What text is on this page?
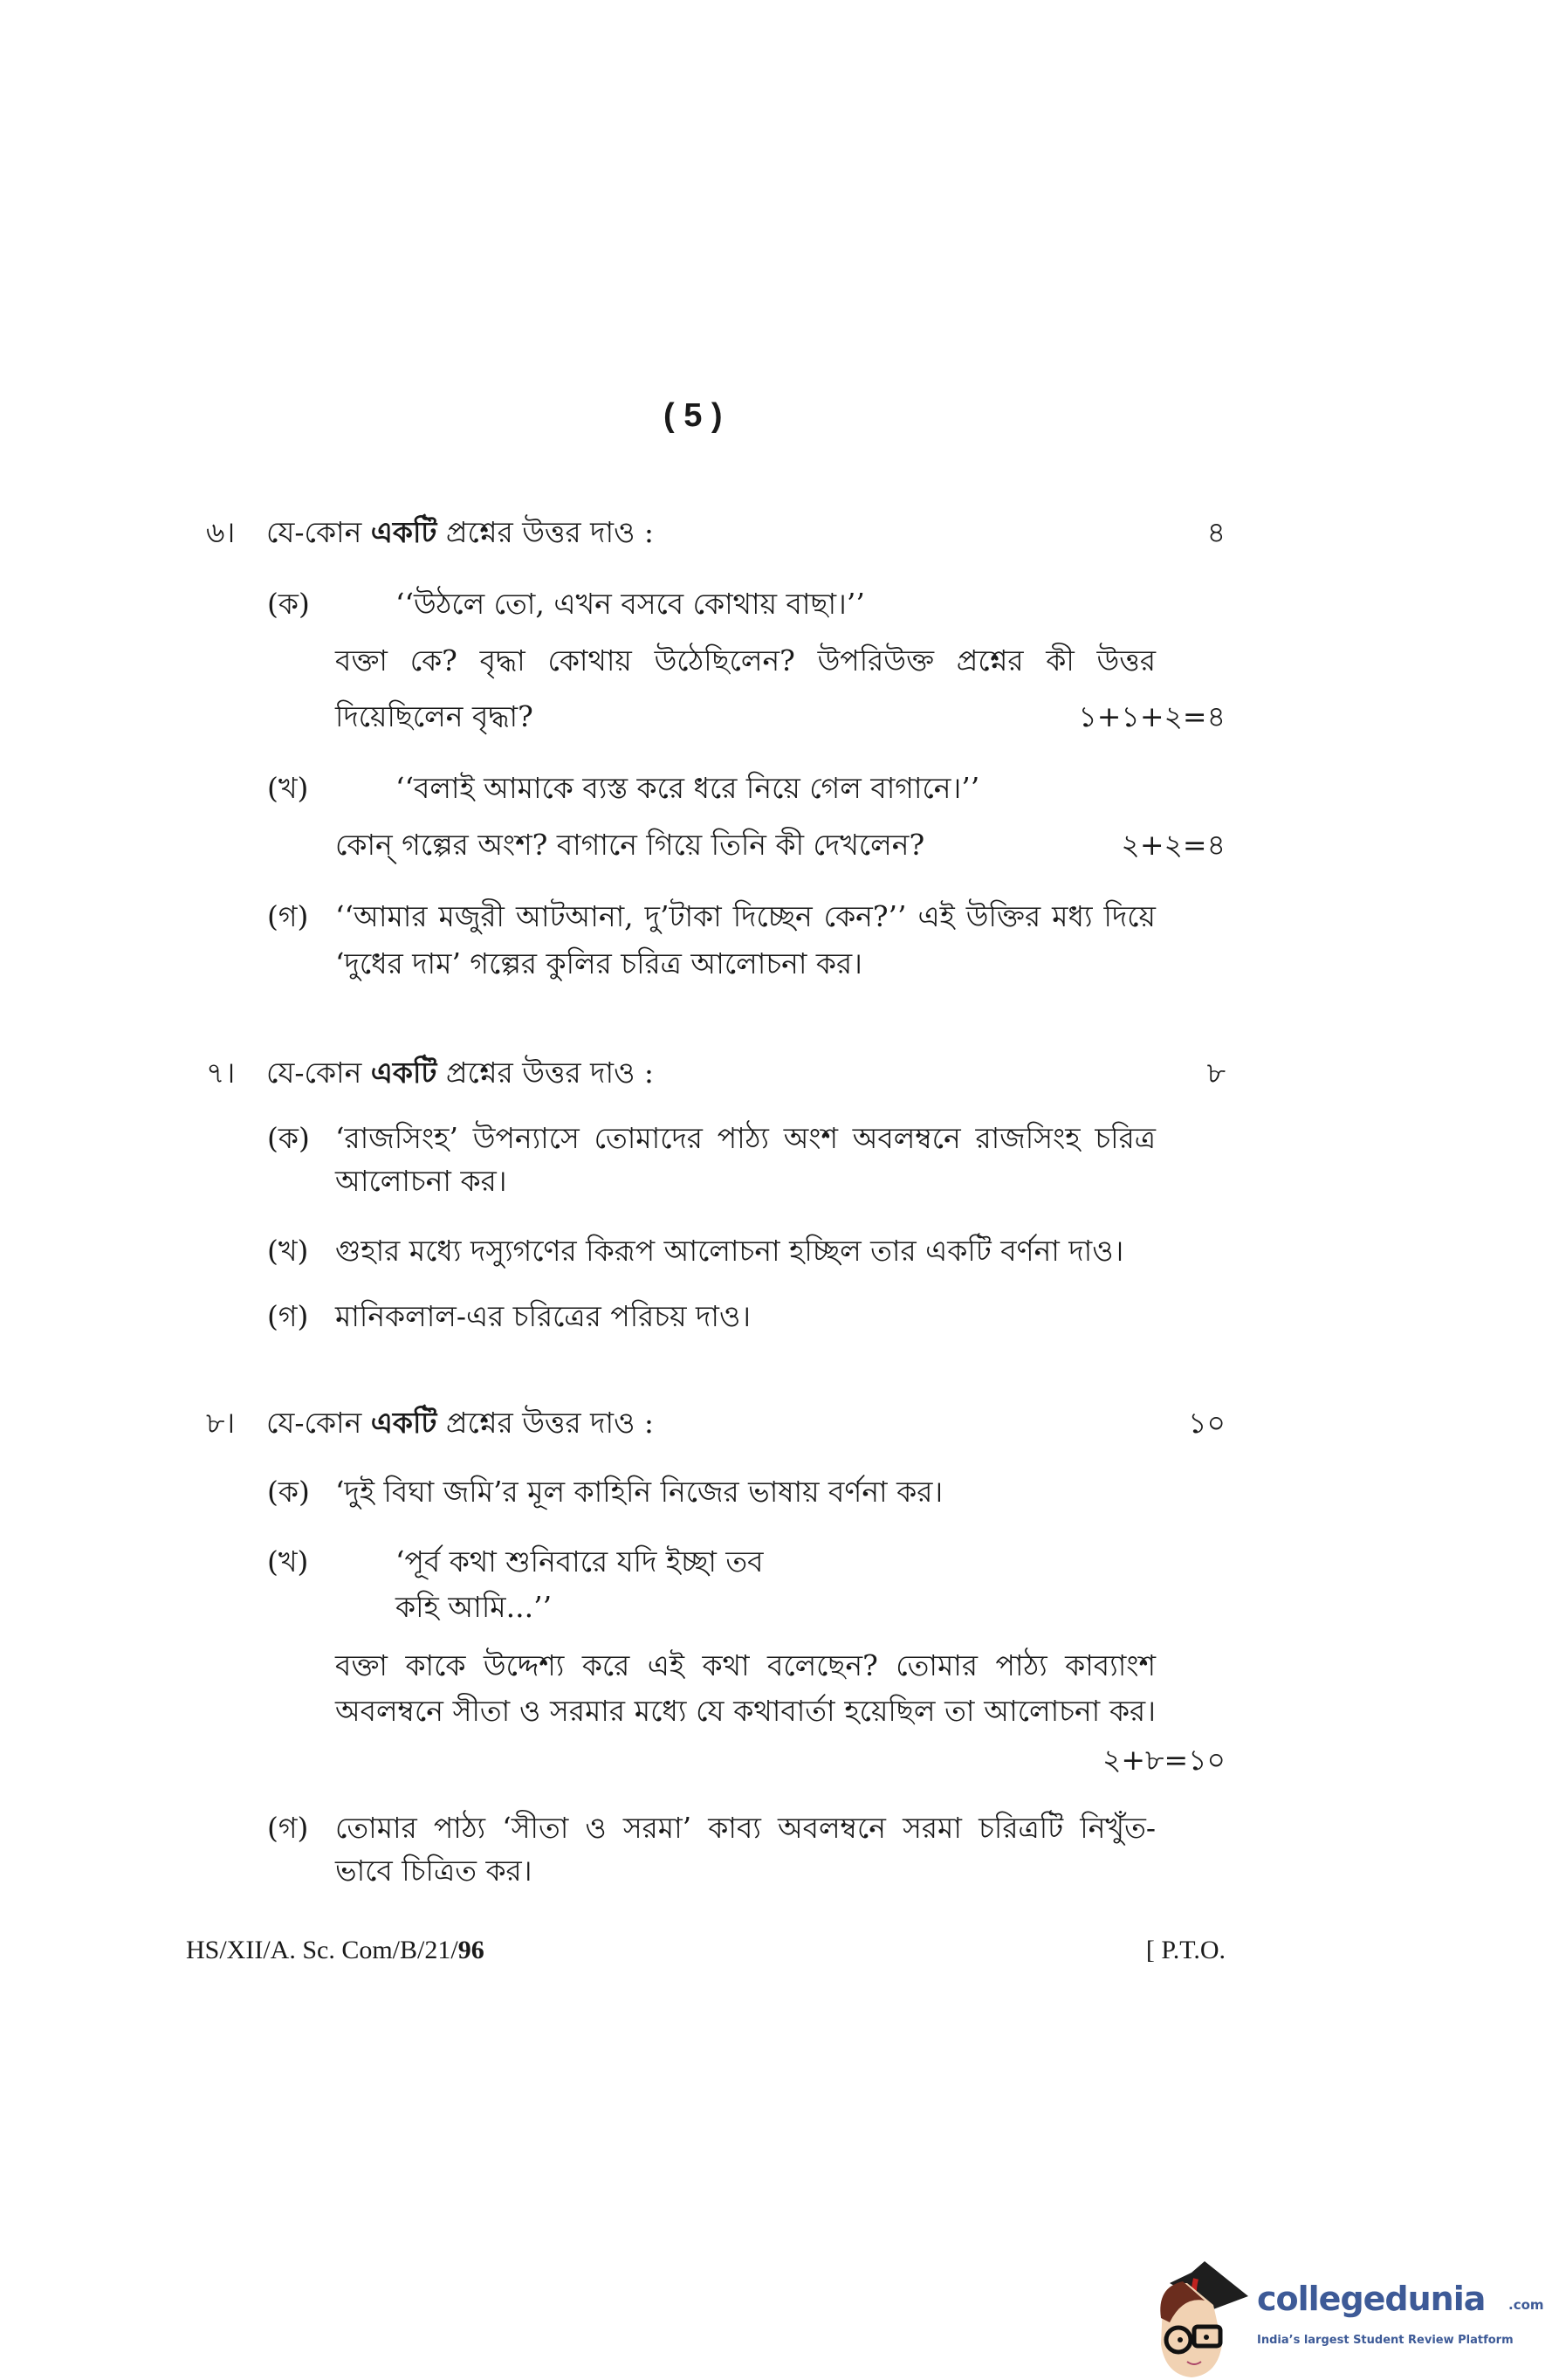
( 5 )
৬। যে-কোন একটি প্রশ্নের উত্তর দাও :	৪
(ক)	‘‘উঠলে তো, এখন বসবে কোথায় বাছা।’’
বক্তা কে? বৃদ্ধা কোথায় উঠেছিলেন? উপরিউক্ত প্রশ্নের কী উত্তর
দিয়েছিলেন বৃদ্ধা?	১+১+২=৪
(খ)	‘‘বলাই আমাকে ব্যস্ত করে ধরে নিয়ে গেল বাগানে।’’
কোন্ গল্পের অংশ? বাগানে গিয়ে তিনি কী দেখলেন?	২+২=৪
(গ) ‘‘আমার মজুরী আটআনা, দু’টাকা দিচ্ছেন কেন?’’ এই উক্তির মধ্য দিয়ে
‘দুধের দাম’ গল্পের কুলির চরিত্র আলোচনা কর।
৭। যে-কোন একটি প্রশ্নের উত্তর দাও :	৮
(ক) ‘রাজসিংহ’ উপন্যাসে তোমাদের পাঠ্য অংশ অবলম্বনে রাজসিংহ চরিত্র
আলোচনা কর।
(খ) গুহার মধ্যে দস্যুগণের কিরূপ আলোচনা হচ্ছিল তার একটি বর্ণনা দাও।
(গ) মানিকলাল-এর চরিত্রের পরিচয় দাও।
৮। যে-কোন একটি প্রশ্নের উত্তর দাও :	১০
(ক) ‘দুই বিঘা জমি’র মূল কাহিনি নিজের ভাষায় বর্ণনা কর।
(খ)	‘পূর্ব কথা শুনিবারে যদি ইচ্ছা তব
কহি আমি...’’
বক্তা কাকে উদ্দেশ্য করে এই কথা বলেছেন? তোমার পাঠ্য কাব্যাংশ
অবলম্বনে সীতা ও সরমার মধ্যে যে কথাবার্তা হয়েছিল তা আলোচনা কর।
২+৮=১০
(গ) তোমার পাঠ্য ‘সীতা ও সরমা’ কাব্য অবলম্বনে সরমা চরিত্রটি নিখুঁত-
ভাবে চিত্রিত কর।
HS/XII/A. Sc. Com/B/21/96	[ P.T.O.
collegedunia .com
India’s largest Student Review Platform
